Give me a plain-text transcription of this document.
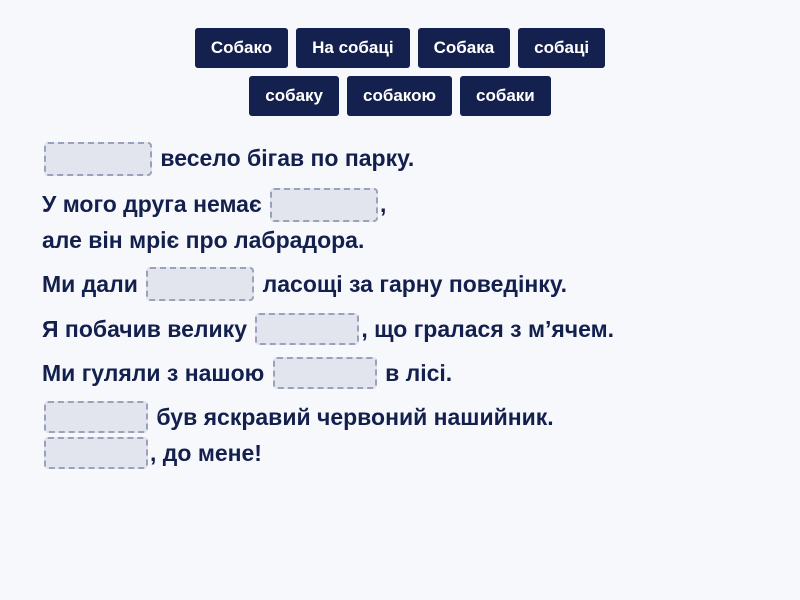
Собако	На собаці	Собака	собаці
собаку	собакою	собаки
весело бігав по парку.
У мого друга немає	,
але він мріє про лабрадора.
Ми дали	ласощі за гарну поведінку.
Я побачив велику	, що гралася з м’ячем.
Ми гуляли з нашою	в лісі.
був яскравий червоний нашийник.
, до мене!
